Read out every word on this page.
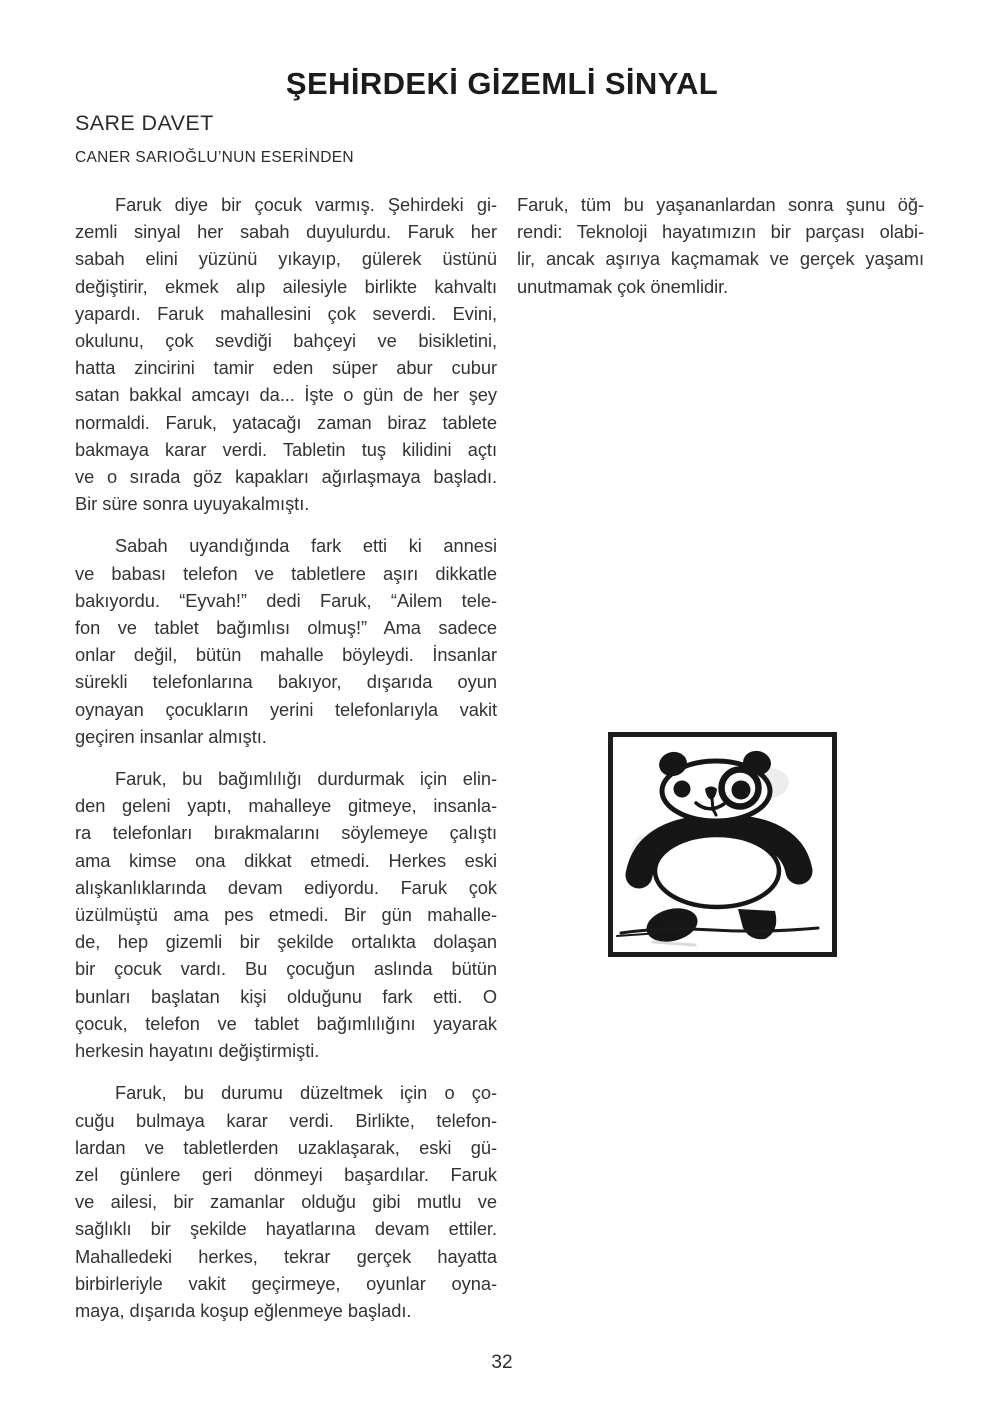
ŞEHİRDEKİ GİZEMLİ SİNYAL
SARE DAVET
CANER SARIOĞLU’NUN ESERİNDEN
Faruk diye bir çocuk varmış. Şehirdeki gi-
zemli sinyal her sabah duyulurdu. Faruk her
sabah elini yüzünü yıkayıp, gülerek üstünü
değiştirir, ekmek alıp ailesiyle birlikte kahvaltı
yapardı. Faruk mahallesini çok severdi. Evini,
okulunu, çok sevdiği bahçeyi ve bisikletini,
hatta zincirini tamir eden süper abur cubur
satan bakkal amcayı da... İşte o gün de her şey
normaldi. Faruk, yatacağı zaman biraz tablete
bakmaya karar verdi. Tabletin tuş kilidini açtı
ve o sırada göz kapakları ağırlaşmaya başladı.
Bir süre sonra uyuyakalmıştı.
Sabah uyandığında fark etti ki annesi
ve babası telefon ve tabletlere aşırı dikkatle
bakıyordu. “Eyvah!” dedi Faruk, “Ailem tele-
fon ve tablet bağımlısı olmuş!” Ama sadece
onlar değil, bütün mahalle böyleydi. İnsanlar
sürekli telefonlarına bakıyor, dışarıda oyun
oynayan çocukların yerini telefonlarıyla vakit
geçiren insanlar almıştı.
Faruk, bu bağımlılığı durdurmak için elin-
den geleni yaptı, mahalleye gitmeye, insanla-
ra telefonları bırakmalarını söylemeye çalıştı
ama kimse ona dikkat etmedi. Herkes eski
alışkanlıklarında devam ediyordu. Faruk çok
üzülmüştü ama pes etmedi. Bir gün mahalle-
de, hep gizemli bir şekilde ortalıkta dolaşan
bir çocuk vardı. Bu çocuğun aslında bütün
bunları başlatan kişi olduğunu fark etti. O
çocuk, telefon ve tablet bağımlılığını yayarak
herkesin hayatını değiştirmişti.
Faruk, bu durumu düzeltmek için o ço-
cuğu bulmaya karar verdi. Birlikte, telefon-
lardan ve tabletlerden uzaklaşarak, eski gü-
zel günlere geri dönmeyi başardılar. Faruk
ve ailesi, bir zamanlar olduğu gibi mutlu ve
sağlıklı bir şekilde hayatlarına devam ettiler.
Mahalledeki herkes, tekrar gerçek hayatta
birbirleriyle vakit geçirmeye, oyunlar oyna-
maya, dışarıda koşup eğlenmeye başladı.
Faruk, tüm bu yaşananlardan sonra şunu öğ-
rendi: Teknoloji hayatımızın bir parçası olabi-
lir, ancak aşırıya kaçmamak ve gerçek yaşamı
unutmamak çok önemlidir.
32
